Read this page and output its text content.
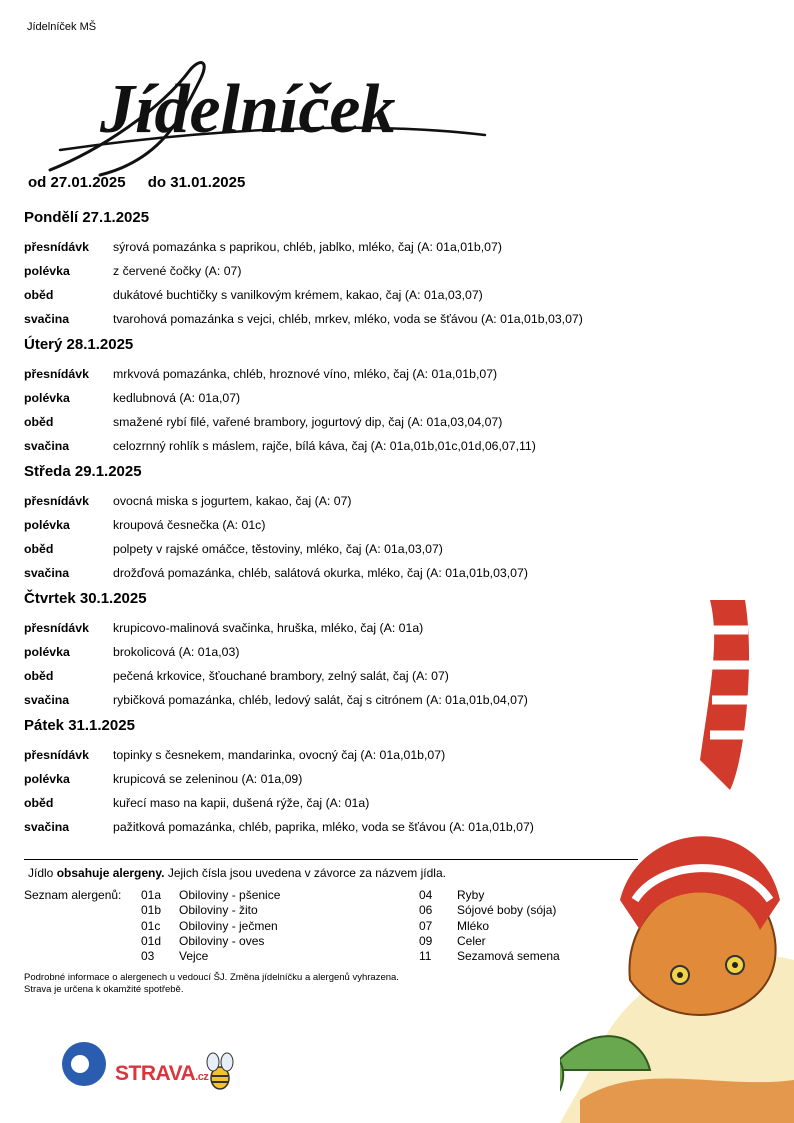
Jídelníček MŠ
Jídelníček
od 27.01.2025 do 31.01.2025
Pondělí 27.1.2025
přesnídávk	sýrová pomazánka s paprikou, chléb, jablko, mléko, čaj (A: 01a,01b,07)
polévka	z červené čočky (A: 07)
oběd	dukátové buchtičky s vanilkovým krémem, kakao, čaj (A: 01a,03,07)
svačina	tvarohová pomazánka s vejci, chléb, mrkev, mléko, voda se šťávou (A: 01a,01b,03,07)
Úterý 28.1.2025
přesnídávk	mrkvová pomazánka, chléb, hroznové víno, mléko, čaj (A: 01a,01b,07)
polévka	kedlubnová (A: 01a,07)
oběd	smažené rybí filé, vařené brambory, jogurtový dip, čaj (A: 01a,03,04,07)
svačina	celozrnný rohlík s máslem, rajče, bílá káva, čaj (A: 01a,01b,01c,01d,06,07,11)
Středa 29.1.2025
přesnídávk	ovocná miska s jogurtem, kakao, čaj (A: 07)
polévka	kroupová česnečka (A: 01c)
oběd	polpety v rajské omáčce, těstoviny, mléko, čaj (A: 01a,03,07)
svačina	drožďová pomazánka, chléb, salátová okurka, mléko, čaj (A: 01a,01b,03,07)
Čtvrtek 30.1.2025
přesnídávk	krupicovo-malinová svačinka, hruška, mléko, čaj (A: 01a)
polévka	brokolicová (A: 01a,03)
oběd	pečená krkovice, šťouchané brambory, zelný salát, čaj (A: 07)
svačina	rybičková pomazánka, chléb, ledový salát, čaj s citrónem (A: 01a,01b,04,07)
Pátek 31.1.2025
přesnídávk	topinky s česnekem, mandarinka, ovocný čaj (A: 01a,01b,07)
polévka	krupicová se zeleninou (A: 01a,09)
oběd	kuřecí maso na kapii, dušená rýže, čaj (A: 01a)
svačina	pažitková pomazánka, chléb, paprika, mléko, voda se šťávou (A: 01a,01b,07)
Jídlo obsahuje alergeny. Jejich čísla jsou uvedena v závorce za názvem jídla.
Seznam alergenů: 01a	Obiloviny - pšenice
01b	Obiloviny - žito
01c	Obiloviny - ječmen
01d	Obiloviny - oves
03	Vejce
04	Ryby
06	Sójové boby (sója)
07	Mléko
09	Celer
11	Sezamová semena
Podrobné informace o alergenech u vedoucí ŠJ. Změna jídelníčku a alergenů vyhrazena.
Strava je určena k okamžité spotřebě.
STRAVA.cz
